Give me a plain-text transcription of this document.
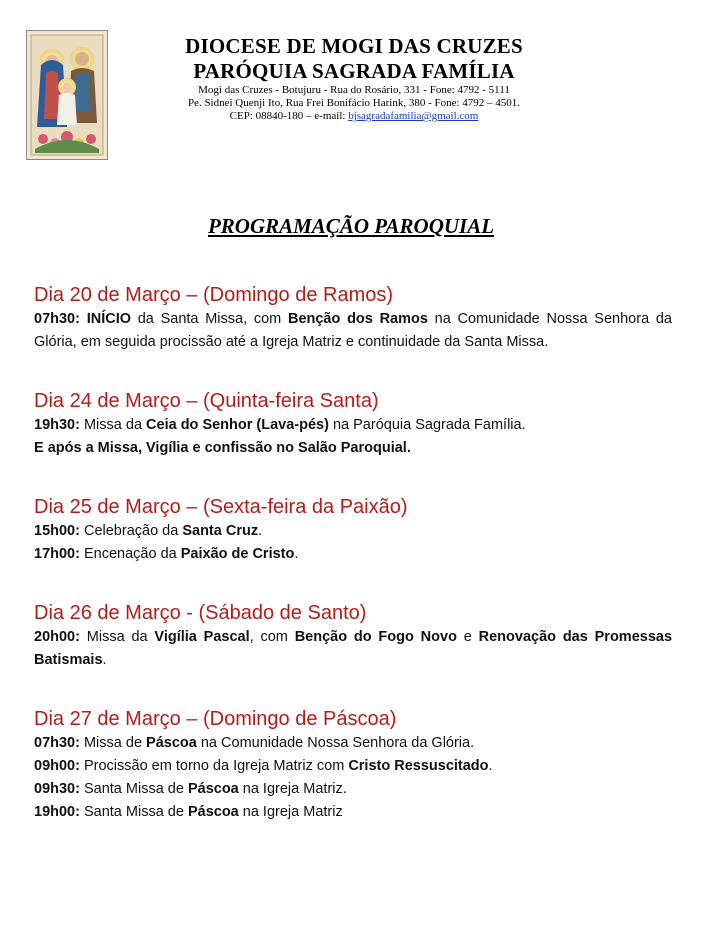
DIOCESE DE MOGI DAS CRUZES
PARÓQUIA SAGRADA FAMÍLIA
Mogi das Cruzes - Botujuru - Rua do Rosário, 331 - Fone: 4792 - 5111
Pe. Sidnei Quenji Ito, Rua Frei Bonifácio Harink, 380 - Fone: 4792 – 4501.
CEP: 08840-180 – e-mail: bjsagradafamilia@gmail.com
PROGRAMAÇÃO PAROQUIAL

Dia 20 de Março – (Domingo de Ramos)

07h30: INÍCIO da Santa Missa, com Benção dos Ramos na Comunidade Nossa Senhora da Glória, em seguida procissão até a Igreja Matriz e continuidade da Santa Missa.

Dia 24 de Março – (Quinta-feira Santa)

19h30: Missa da Ceia do Senhor (Lava-pés) na Paróquia Sagrada Família.

E após a Missa, Vigília e confissão no Salão Paroquial.

Dia 25 de Março – (Sexta-feira da Paixão)

15h00: Celebração da Santa Cruz.

17h00: Encenação da Paixão de Cristo.

Dia 26 de Março - (Sábado de Santo)

20h00: Missa da Vigília Pascal, com Benção do Fogo Novo e Renovação das Promessas Batismais.

Dia 27 de Março – (Domingo de Páscoa)

07h30: Missa de Páscoa na Comunidade Nossa Senhora da Glória.

09h00: Procissão em torno da Igreja Matriz com Cristo Ressuscitado.

09h30: Santa Missa de Páscoa na Igreja Matriz.

19h00: Santa Missa de Páscoa na Igreja Matriz
